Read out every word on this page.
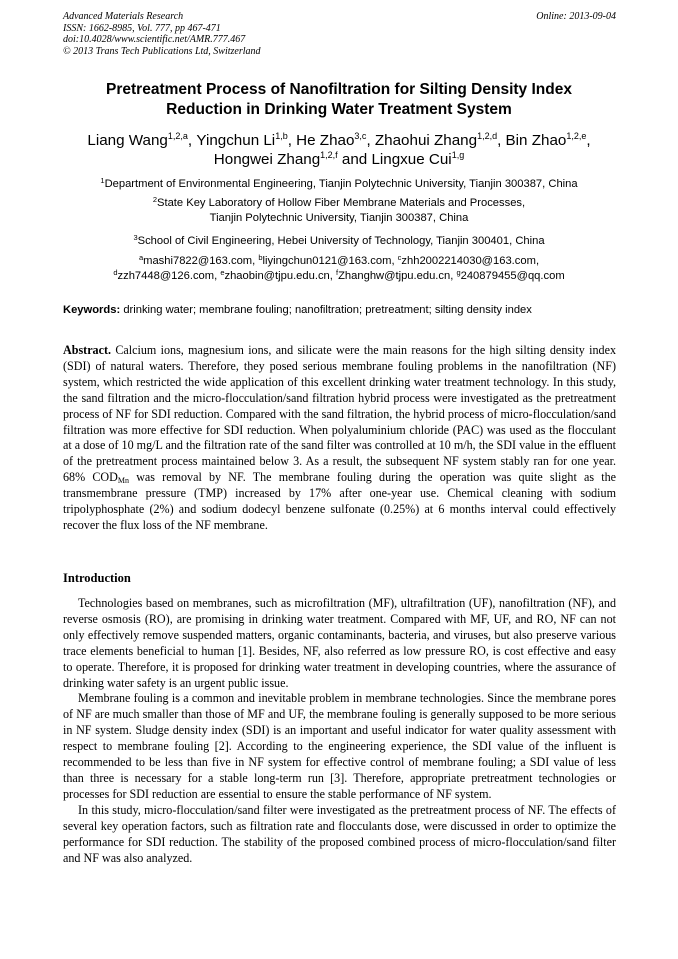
Advanced Materials Research
ISSN: 1662-8985, Vol. 777, pp 467-471
doi:10.4028/www.scientific.net/AMR.777.467
© 2013 Trans Tech Publications Ltd, Switzerland
Online: 2013-09-04
Pretreatment Process of Nanofiltration for Silting Density Index
Reduction in Drinking Water Treatment System
Liang Wang$^{1,2,a}$, Yingchun Li$^{1,b}$, He Zhao$^{3,c}$, Zhaohui Zhang$^{1,2,d}$, Bin Zhao$^{1,2,e}$,
Hongwei Zhang$^{1,2,f}$ and Lingxue Cui$^{1,g}$
$^1$Department of Environmental Engineering, Tianjin Polytechnic University, Tianjin 300387, China
$^2$State Key Laboratory of Hollow Fiber Membrane Materials and Processes,
Tianjin Polytechnic University, Tianjin 300387, China
$^3$School of Civil Engineering, Hebei University of Technology, Tianjin 300401, China
$^a$mashi7822@163.com, $^b$liyingchun0121@163.com, $^c$zhh2002214030@163.com,
$^d$zzh7448@126.com, $^e$zhaobin@tjpu.edu.cn, $^f$Zhanghw@tjpu.edu.cn, $^g$240879455@qq.com
Keywords: drinking water; membrane fouling; nanofiltration; pretreatment; silting density index

Abstract. Calcium ions, magnesium ions, and silicate were the main reasons for the high silting density index (SDI) of natural waters. Therefore, they posed serious membrane fouling problems in the nanofiltration (NF) system, which restricted the wide application of this excellent drinking water treatment technology. In this study, the sand filtration and the micro-flocculation/sand filtration hybrid process were investigated as the pretreatment process of NF for SDI reduction. Compared with the sand filtration, the hybrid process of micro-flocculation/sand filtration was more effective for SDI reduction. When polyaluminium chloride (PAC) was used as the flocculant at a dose of 10 mg/L and the filtration rate of the sand filter was controlled at 10 m/h, the SDI value in the effluent of the pretreatment process maintained below 3. As a result, the subsequent NF system stably ran for one year. 68% $COD_{Mn}$ was removal by NF. The membrane fouling during the operation was quite slight as the transmembrane pressure (TMP) increased by 17% after one-year use. Chemical cleaning with sodium tripolyphosphate (2%) and sodium dodecyl benzene sulfonate (0.25%) at 6 months interval could effectively recover the flux loss of the NF membrane.

Introduction

Technologies based on membranes, such as microfiltration (MF), ultrafiltration (UF), nanofiltration (NF), and reverse osmosis (RO), are promising in drinking water treatment. Compared with MF, UF, and RO, NF can not only effectively remove suspended matters, organic contaminants, bacteria, and viruses, but also preserve various trace elements beneficial to human [1]. Besides, NF, also referred as low pressure RO, is cost effective and easy to operate. Therefore, it is proposed for drinking water treatment in developing countries, where the assurance of drinking water safety is an urgent public issue.

Membrane fouling is a common and inevitable problem in membrane technologies. Since the membrane pores of NF are much smaller than those of MF and UF, the membrane fouling is generally supposed to be more serious in NF system. Sludge density index (SDI) is an important and useful indicator for water quality assessment with respect to membrane fouling [2]. According to the engineering experience, the SDI value of the influent is recommended to be less than five in NF system for effective control of membrane fouling; a SDI value of less than three is necessary for a stable long-term run [3]. Therefore, appropriate pretreatment technologies or processes for SDI reduction are essential to ensure the stable performance of NF system.

In this study, micro-flocculation/sand filter were investigated as the pretreatment process of NF. The effects of several key operation factors, such as filtration rate and flocculants dose, were discussed in order to optimize the performance for SDI reduction. The stability of the proposed combined process of micro-flocculation/sand filter and NF was also analyzed.
